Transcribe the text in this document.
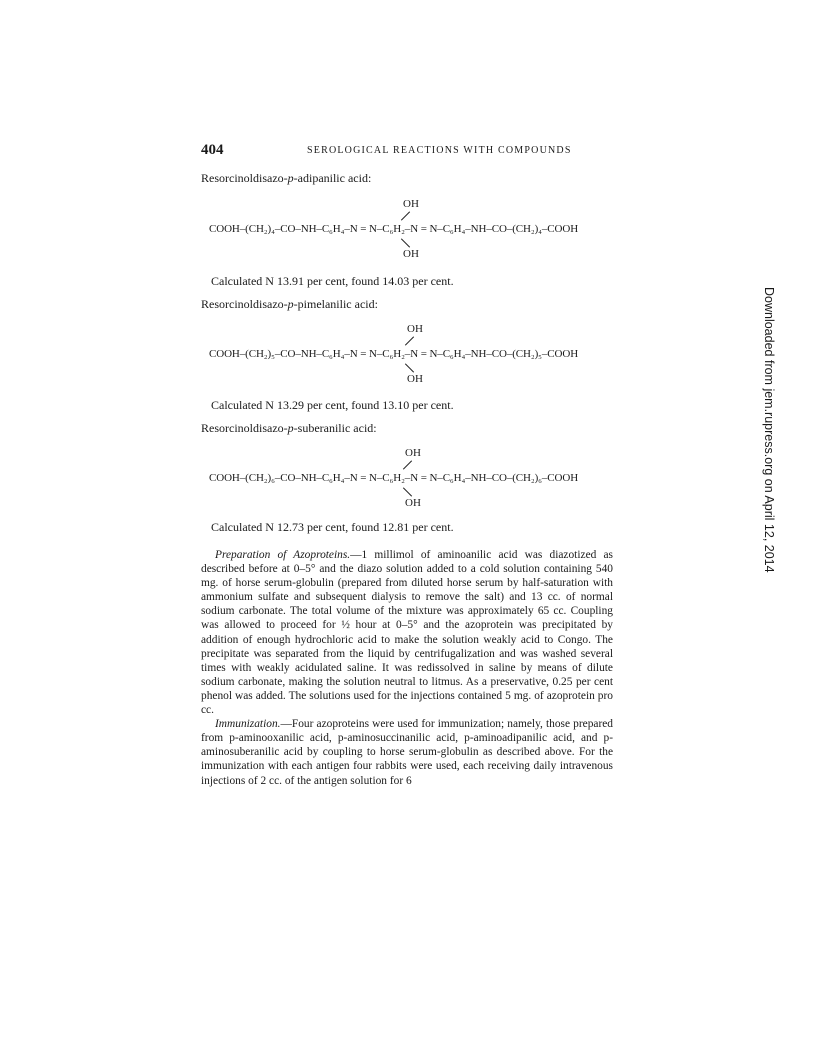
404	SEROLOGICAL REACTIONS WITH COMPOUNDS
Resorcinoldisazo-p-adipanilic acid:
OH
COOH–(CH₂)₄–CO–NH–C₆H₄–N = N–C₆H₂–N = N–C₆H₄–NH–CO–(CH₂)₄–COOH
OH
Calculated N 13.91 per cent, found 14.03 per cent.
Resorcinoldisazo-p-pimelanilic acid:
OH
COOH–(CH₂)₅–CO–NH–C₆H₄–N = N–C₆H₂–N = N–C₆H₄–NH–CO–(CH₂)₅–COOH
OH
Calculated N 13.29 per cent, found 13.10 per cent.
Resorcinoldisazo-p-suberanilic acid:
OH
COOH–(CH₂)₆–CO–NH–C₆H₄–N = N–C₆H₂–N = N–C₆H₄–NH–CO–(CH₂)₆–COOH
OH
Calculated N 12.73 per cent, found 12.81 per cent.

Preparation of Azoproteins.—1 millimol of aminoanilic acid was diazotized as described before at 0–5° and the diazo solution added to a cold solution containing 540 mg. of horse serum-globulin (prepared from diluted horse serum by half-saturation with ammonium sulfate and subsequent dialysis to remove the salt) and 13 cc. of normal sodium carbonate. The total volume of the mixture was approximately 65 cc. Coupling was allowed to proceed for ½ hour at 0–5° and the azoprotein was precipitated by addition of enough hydrochloric acid to make the solution weakly acid to Congo. The precipitate was separated from the liquid by centrifugalization and was washed several times with weakly acidulated saline. It was redissolved in saline by means of dilute sodium carbonate, making the solution neutral to litmus. As a preservative, 0.25 per cent phenol was added. The solutions used for the injections contained 5 mg. of azoprotein pro cc.

Immunization.—Four azoproteins were used for immunization; namely, those prepared from p-aminooxanilic acid, p-aminosuccinanilic acid, p-aminoadipanilic acid, and p-aminosuberanilic acid by coupling to horse serum-globulin as described above. For the immunization with each antigen four rabbits were used, each receiving daily intravenous injections of 2 cc. of the antigen solution for 6

Downloaded from jem.rupress.org on April 12, 2014
